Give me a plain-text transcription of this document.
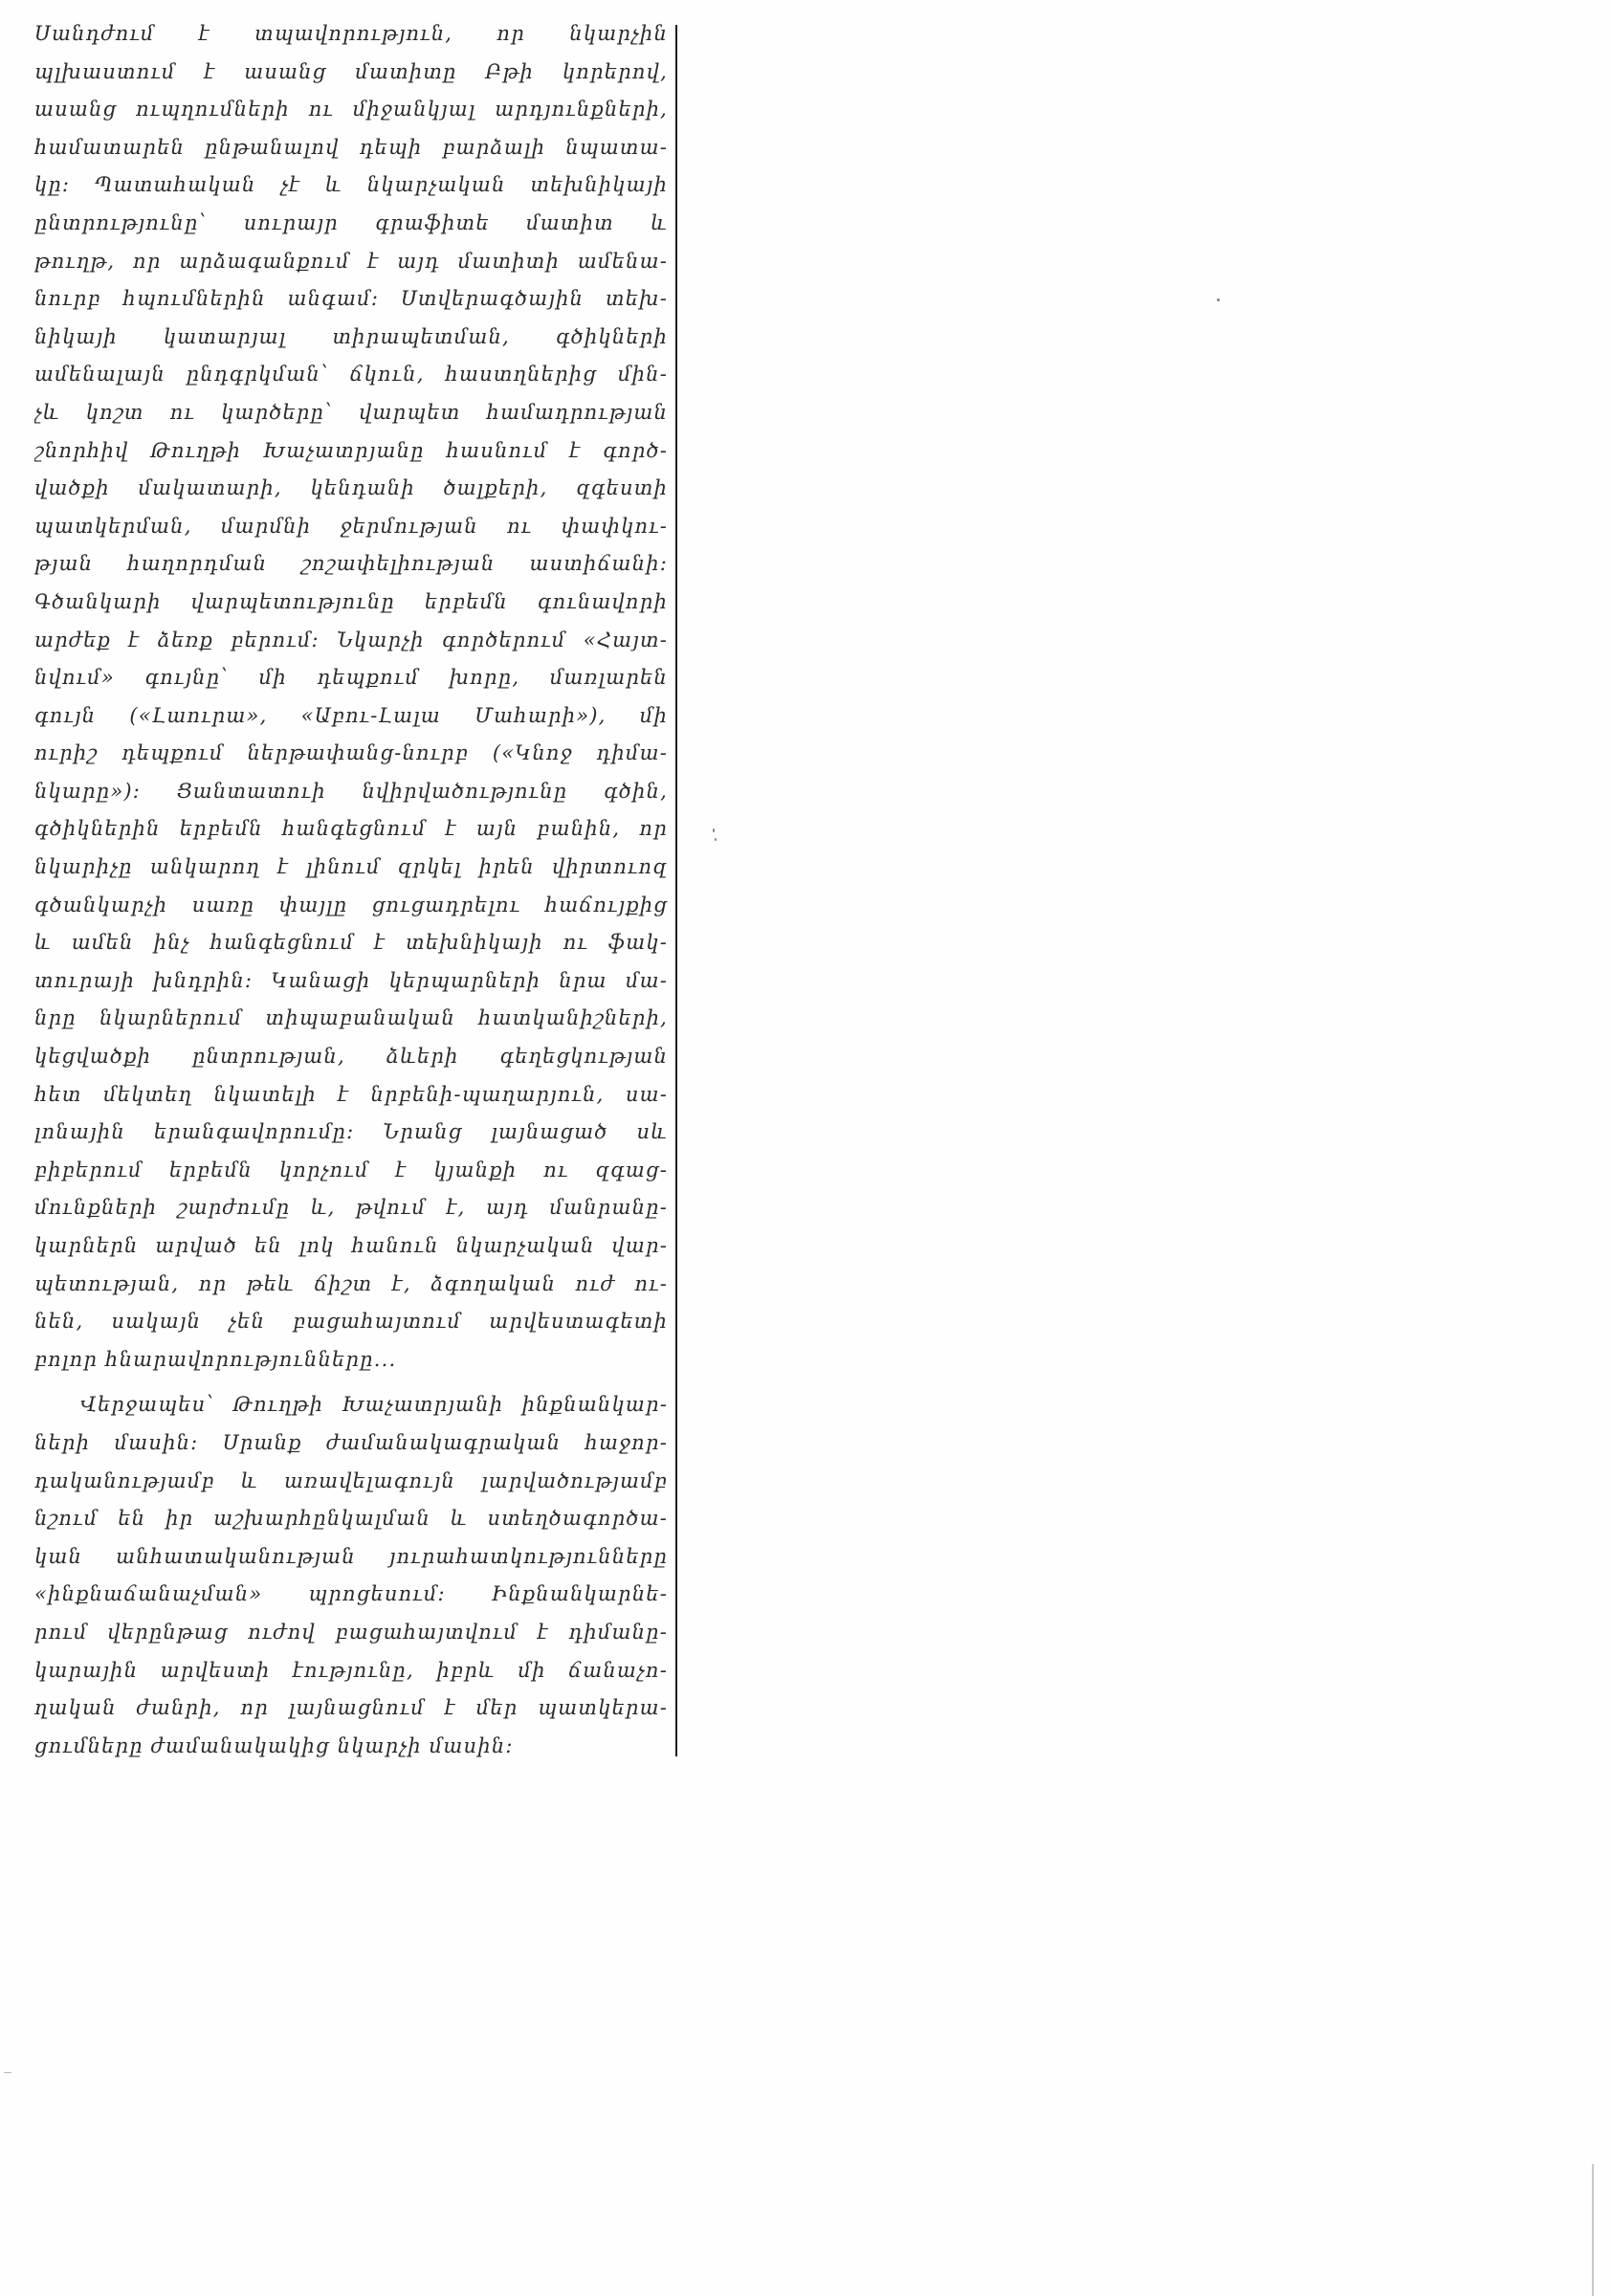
Սանդժում է տպավորություն, որ նկարչին
պլխաստում է ասանց մատիտը Բթի կորերով,
ասանց ուպղումների ու միջանկյալ արդյունքների,
համատարեն ընթանալով դեպի բարձալի նպատա-
կը: Պատահական չէ և նկարչական տեխնիկայի
ընտրությունը՝ սուրայր գրաֆիտե մատիտ և
թուղթ, որ արձագանքում է այդ մատիտի ամենա-
նուրբ հպումներին անգամ: Ստվերագծային տեխ-
նիկայի կատարյալ տիրապետման, գծիկների
ամենալայն ընդգրկման՝ ճկուն, հաստղներից մին-
չև կոշտ ու կարծերը՝ վարպետ համադրության
շնորհիվ Թուղթի Խաչատրյանը հասնում է գործ-
վածքի մակատարի, կենդանի ծալքերի, զգեստի
պատկերման, մարմնի ջերմության ու փափկու-
թյան հաղորդման շոշափելիության աստիճանի:
Գծանկարի վարպետությունը երբեմն գունավորի
արժեք է ձեռք բերում: Նկարչի գործերում «Հայտ-
նվում» գույնը՝ մի դեպքում խորը, մառլարեն
գույն («Լաուրա», «Աբու-Լալա Մահարի»), մի
ուրիշ դեպքում ներթափանց-նուրբ («Կնոջ դիմա-
նկարը»): Ցանտատուի նվիրվածությունը գծին,
գծիկներին երբեմն հանգեցնում է այն բանին, որ
նկարիչը անկարող է լինում զրկել իրեն վիրտուոզ
գծանկարչի սառը փայլը ցուցադրելու հաճույքից
և ամեն ինչ հանգեցնում է տեխնիկայի ու ֆակ-
տուրայի խնդրին: Կանացի կերպարների նրա մա-
նրը նկարներում տիպաբանական հատկանիշների,
կեցվածքի ընտրության, ձևերի գեղեցկության
հետ մեկտեղ նկատելի է նրբենի-պաղարյուն, սա-
լոնային երանգավորումը: Նրանց լայնացած սև
բիբերում երբեմն կորչում է կյանքի ու զգաց-
մունքների շարժումը և, թվում է, այդ մանրանը-
կարներն արված են լոկ հանուն նկարչական վար-
պետության, որ թեև ճիշտ է, ձգողական ուժ ու-
նեն, սակայն չեն բացահայտում արվեստագետի
բոլոր հնարավորությունները...
Վերջապես՝ Թուղթի Խաչատրյանի ինքնանկար-
ների մասին: Սրանք ժամանակագրական հաջոր-
դականությամբ և առավելագույն լարվածությամբ
նշում են իր աշխարհընկալման և ստեղծագործա-
կան անհատականության յուրահատկությունները
«ինքնաճանաչման» պրոցեսում: Ինքնանկարնե-
րում վերընթաց ուժով բացահայտվում է դիմանը-
կարային արվեստի էությունը, իբրև մի ճանաչո-
ղական ժանրի, որ լայնացնում է մեր պատկերա-
ցումները ժամանակակից նկարչի մասին:
